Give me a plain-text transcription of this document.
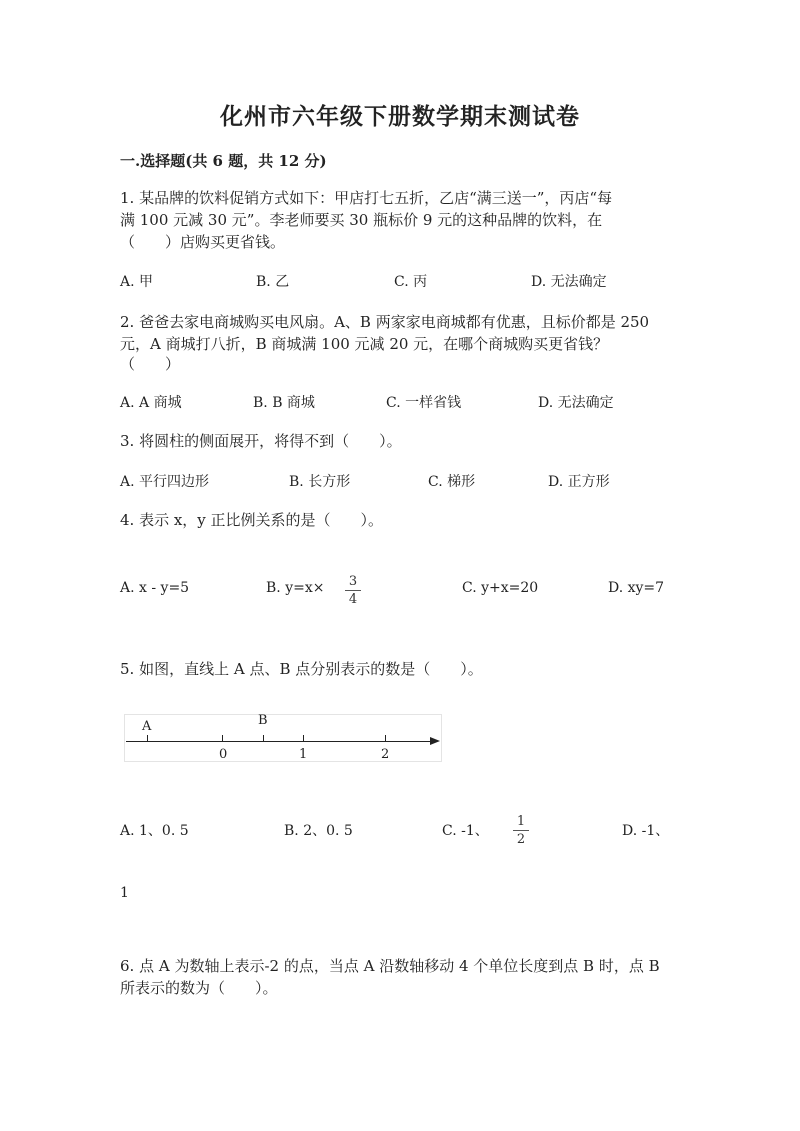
化州市六年级下册数学期末测试卷
一.选择题(共 6 题，共 12 分)
1. 某品牌的饮料促销方式如下：甲店打七五折，乙店“满三送一”，丙店“每
满 100 元减 30 元”。李老师要买 30 瓶标价 9 元的这种品牌的饮料，在
（　　）店购买更省钱。
A. 甲	B. 乙	C. 丙	D. 无法确定
2. 爸爸去家电商城购买电风扇。A、B 两家家电商城都有优惠，且标价都是 250
元，A 商城打八折，B 商城满 100 元减 20 元，在哪个商城购买更省钱？
（　　）
A. A 商城	B. B 商城	C. 一样省钱	D. 无法确定
3. 将圆柱的侧面展开，将得不到（　　）。
A. 平行四边形	B. 长方形	C. 梯形	D. 正方形
4. 表示 x，y 正比例关系的是（　　）。
A. x - y=5	B. y=x× 3
4
C. y+x=20	D. xy=7
5. 如图，直线上 A 点、B 点分别表示的数是（　　）。
A	B
0	1	2
A. 1、0. 5	B. 2、0. 5	C. -1、
1
2
D. -1、
1
6. 点 A 为数轴上表示-2 的点，当点 A 沿数轴移动 4 个单位长度到点 B 时，点 B
所表示的数为（　　）。
